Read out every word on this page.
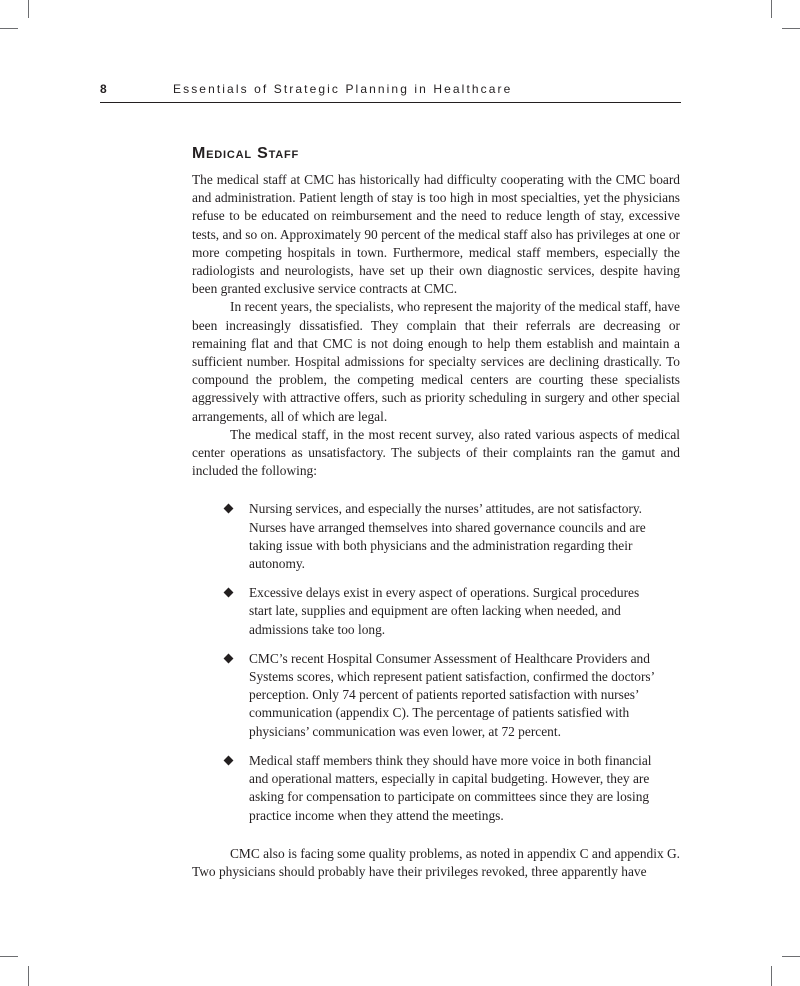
8	Essentials of Strategic Planning in Healthcare
Medical Staff

The medical staff at CMC has historically had difficulty cooperating with the CMC board and administration. Patient length of stay is too high in most specialties, yet the physicians refuse to be educated on reimbursement and the need to reduce length of stay, excessive tests, and so on. Approximately 90 percent of the medical staff also has privileges at one or more competing hospitals in town. Furthermore, medical staff members, especially the radiologists and neurologists, have set up their own diagnostic services, despite having been granted exclusive service contracts at CMC.

In recent years, the specialists, who represent the majority of the medical staff, have been increasingly dissatisfied. They complain that their referrals are decreasing or remaining flat and that CMC is not doing enough to help them establish and maintain a sufficient number. Hospital admissions for specialty services are declining drastically. To compound the problem, the competing medical centers are courting these specialists aggressively with attractive offers, such as priority scheduling in surgery and other special arrangements, all of which are legal.

The medical staff, in the most recent survey, also rated various aspects of medical center operations as unsatisfactory. The subjects of their complaints ran the gamut and included the following:

Nursing services, and especially the nurses’ attitudes, are not satisfactory. Nurses have arranged themselves into shared governance councils and are taking issue with both physicians and the administration regarding their autonomy.
Excessive delays exist in every aspect of operations. Surgical procedures start late, supplies and equipment are often lacking when needed, and admissions take too long.
CMC’s recent Hospital Consumer Assessment of Healthcare Providers and Systems scores, which represent patient satisfaction, confirmed the doctors’ perception. Only 74 percent of patients reported satisfaction with nurses’ communication (appendix C). The percentage of patients satisfied with physicians’ communication was even lower, at 72 percent.
Medical staff members think they should have more voice in both financial and operational matters, especially in capital budgeting. However, they are asking for compensation to participate on committees since they are losing practice income when they attend the meetings.

CMC also is facing some quality problems, as noted in appendix C and appendix G. Two physicians should probably have their privileges revoked, three apparently have
